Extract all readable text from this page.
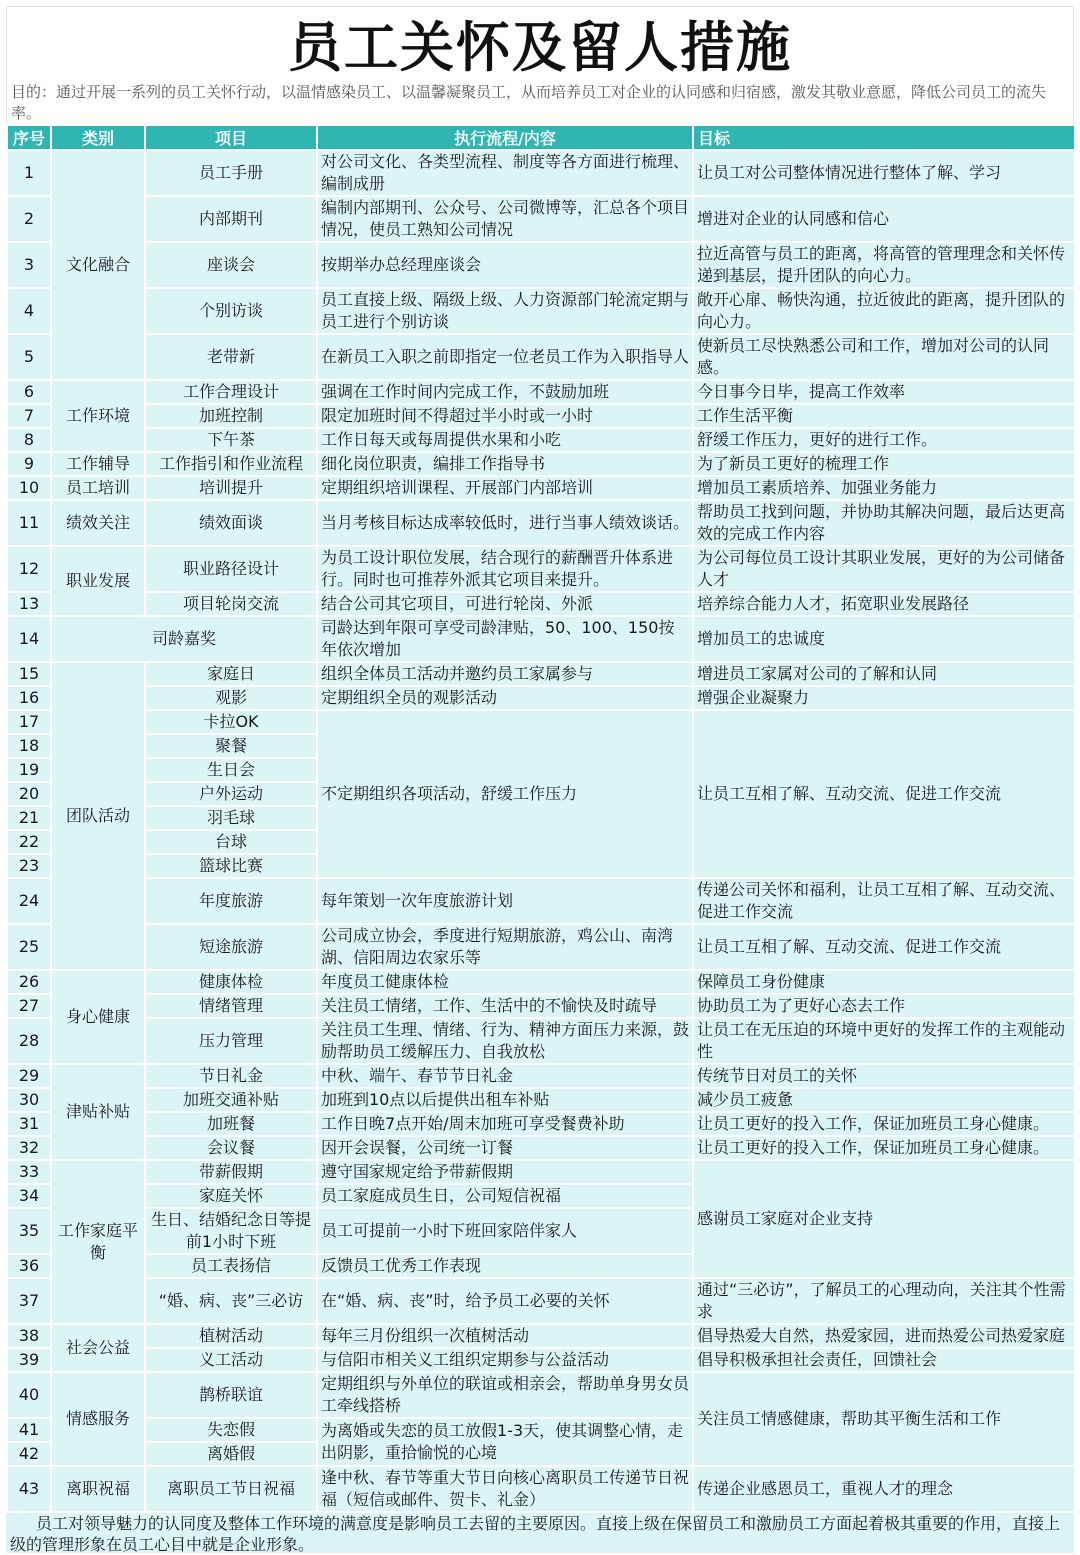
员工关怀及留人措施
目的：通过开展一系列的员工关怀行动，以温情感染员工、以温馨凝聚员工，从而培养员工对企业的认同感和归宿感，激发其敬业意愿，降低公司员工的流失率。
序号	类别	项目	执行流程/内容	目标
1	文化融合	员工手册	对公司文化、各类型流程、制度等各方面进行梳理、编制成册	让员工对公司整体情况进行整体了解、学习
2		内部期刊	编制内部期刊、公众号、公司微博等，汇总各个项目情况，使员工熟知公司情况	增进对企业的认同感和信心
3		座谈会	按期举办总经理座谈会	拉近高管与员工的距离，将高管的管理理念和关怀传递到基层，提升团队的向心力。
4		个别访谈	员工直接上级、隔级上级、人力资源部门轮流定期与员工进行个别访谈	敞开心扉、畅快沟通，拉近彼此的距离，提升团队的向心力。
5		老带新	在新员工入职之前即指定一位老员工作为入职指导人	使新员工尽快熟悉公司和工作，增加对公司的认同感。
6	工作环境	工作合理设计	强调在工作时间内完成工作，不鼓励加班	今日事今日毕，提高工作效率
7		加班控制	限定加班时间不得超过半小时或一小时	工作生活平衡
8		下午茶	工作日每天或每周提供水果和小吃	舒缓工作压力，更好的进行工作。
9	工作辅导	工作指引和作业流程	细化岗位职责，编排工作指导书	为了新员工更好的梳理工作
10	员工培训	培训提升	定期组织培训课程、开展部门内部培训	增加员工素质培养、加强业务能力
11	绩效关注	绩效面谈	当月考核目标达成率较低时，进行当事人绩效谈话。	帮助员工找到问题，并协助其解决问题，最后达更高效的完成工作内容
12	职业发展	职业路径设计	为员工设计职位发展，结合现行的薪酬晋升体系进行。同时也可推荐外派其它项目来提升。	为公司每位员工设计其职业发展，更好的为公司储备人才
13		项目轮岗交流	结合公司其它项目，可进行轮岗、外派	培养综合能力人才，拓宽职业发展路径
14	司龄嘉奖		司龄达到年限可享受司龄津贴，50、100、150按年依次增加	增加员工的忠诚度
15	团队活动	家庭日	组织全体员工活动并邀约员工家属参与	增进员工家属对公司的了解和认同
16		观影	定期组织全员的观影活动	增强企业凝聚力
17		卡拉OK	不定期组织各项活动，舒缓工作压力	让员工互相了解、互动交流、促进工作交流
18		聚餐		
19		生日会		
20		户外运动		
21		羽毛球		
22		台球		
23		篮球比赛		
24		年度旅游	每年策划一次年度旅游计划	传递公司关怀和福利，让员工互相了解、互动交流、促进工作交流
25		短途旅游	公司成立协会，季度进行短期旅游，鸡公山、南湾湖、信阳周边农家乐等	让员工互相了解、互动交流、促进工作交流
26	身心健康	健康体检	年度员工健康体检	保障员工身份健康
27		情绪管理	关注员工情绪，工作、生活中的不愉快及时疏导	协助员工为了更好心态去工作
28		压力管理	关注员工生理、情绪、行为、精神方面压力来源，鼓励帮助员工缓解压力、自我放松	让员工在无压迫的环境中更好的发挥工作的主观能动性
29	津贴补贴	节日礼金	中秋、端午、春节节日礼金	传统节日对员工的关怀
30		加班交通补贴	加班到10点以后提供出租车补贴	减少员工疲惫
31		加班餐	工作日晚7点开始/周末加班可享受餐费补助	让员工更好的投入工作，保证加班员工身心健康。
32		会议餐	因开会误餐，公司统一订餐	让员工更好的投入工作，保证加班员工身心健康。
33	工作家庭平衡	带薪假期	遵守国家规定给予带薪假期	感谢员工家庭对企业支持
34		家庭关怀	员工家庭成员生日，公司短信祝福	
35		生日、结婚纪念日等提前1小时下班	员工可提前一小时下班回家陪伴家人	
36		员工表扬信	反馈员工优秀工作表现	
37		“婚、病、丧”三必访	在“婚、病、丧”时，给予员工必要的关怀	通过“三必访”，了解员工的心理动向，关注其个性需求
38	社会公益	植树活动	每年三月份组织一次植树活动	倡导热爱大自然，热爱家园，进而热爱公司热爱家庭
39		义工活动	与信阳市相关义工组织定期参与公益活动	倡导积极承担社会责任，回馈社会
40	情感服务	鹊桥联谊	定期组织与外单位的联谊或相亲会，帮助单身男女员工牵线搭桥	关注员工情感健康，帮助其平衡生活和工作
41		失恋假	为离婚或失恋的员工放假1-3天，使其调整心情，走出阴影，重拾愉悦的心境	
42		离婚假		
43	离职祝福	离职员工节日祝福	逢中秋、春节等重大节日向核心离职员工传递节日祝福（短信或邮件、贺卡、礼金）	传递企业感恩员工，重视人才的理念
员工对领导魅力的认同度及整体工作环境的满意度是影响员工去留的主要原因。直接上级在保留员工和激励员工方面起着极其重要的作用，直接上级的管理形象在员工心目中就是企业形象。
